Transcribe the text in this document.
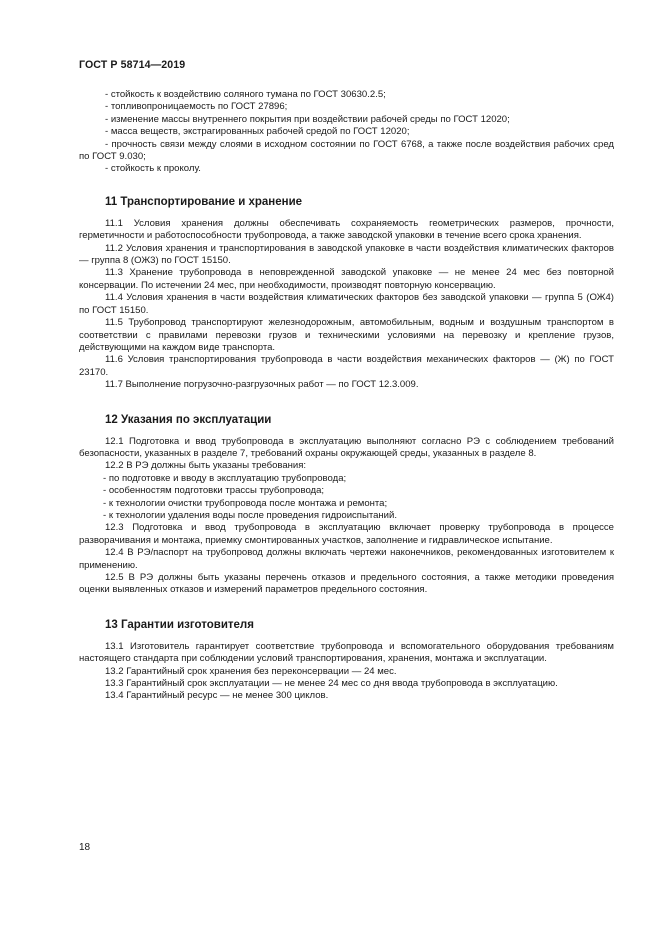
ГОСТ Р 58714—2019

- стойкость к воздействию соляного тумана по ГОСТ 30630.2.5;

- топливопроницаемость по ГОСТ 27896;

- изменение массы внутреннего покрытия при воздействии рабочей среды по ГОСТ 12020;

- масса веществ, экстрагированных рабочей средой по ГОСТ 12020;

- прочность связи между слоями в исходном состоянии по ГОСТ 6768, а также после воздействия рабочих сред по ГОСТ 9.030;

- стойкость к проколу.

11 Транспортирование и хранение

11.1 Условия хранения должны обеспечивать сохраняемость геометрических размеров, прочности, герметичности и работоспособности трубопровода, а также заводской упаковки в течение всего срока хранения.

11.2 Условия хранения и транспортирования в заводской упаковке в части воздействия климатических факторов — группа 8 (ОЖ3) по ГОСТ 15150.

11.3 Хранение трубопровода в неповрежденной заводской упаковке — не менее 24 мес без повторной консервации. По истечении 24 мес, при необходимости, производят повторную консервацию.

11.4 Условия хранения в части воздействия климатических факторов без заводской упаковки — группа 5 (ОЖ4) по ГОСТ 15150.

11.5 Трубопровод транспортируют железнодорожным, автомобильным, водным и воздушным транспортом в соответствии с правилами перевозки грузов и техническими условиями на перевозку и крепление грузов, действующими на каждом виде транспорта.

11.6 Условия транспортирования трубопровода в части воздействия механических факторов — (Ж) по ГОСТ 23170.

11.7 Выполнение погрузочно-разгрузочных работ — по ГОСТ 12.3.009.

12 Указания по эксплуатации

12.1 Подготовка и ввод трубопровода в эксплуатацию выполняют согласно РЭ с соблюдением требований безопасности, указанных в разделе 7, требований охраны окружающей среды, указанных в разделе 8.

12.2 В РЭ должны быть указаны требования:

- по подготовке и вводу в эксплуатацию трубопровода;

- особенностям подготовки трассы трубопровода;

- к технологии очистки трубопровода после монтажа и ремонта;

- к технологии удаления воды после проведения гидроиспытаний.

12.3 Подготовка и ввод трубопровода в эксплуатацию включает проверку трубопровода в процессе разворачивания и монтажа, приемку смонтированных участков, заполнение и гидравлическое испытание.

12.4 В РЭ/паспорт на трубопровод должны включать чертежи наконечников, рекомендованных изготовителем к применению.

12.5 В РЭ должны быть указаны перечень отказов и предельного состояния, а также методики проведения оценки выявленных отказов и измерений параметров предельного состояния.

13 Гарантии изготовителя

13.1 Изготовитель гарантирует соответствие трубопровода и вспомогательного оборудования требованиям настоящего стандарта при соблюдении условий транспортирования, хранения, монтажа и эксплуатации.

13.2 Гарантийный срок хранения без переконсервации — 24 мес.

13.3 Гарантийный срок эксплуатации — не менее 24 мес со дня ввода трубопровода в эксплуатацию.

13.4 Гарантийный ресурс — не менее 300 циклов.

18
